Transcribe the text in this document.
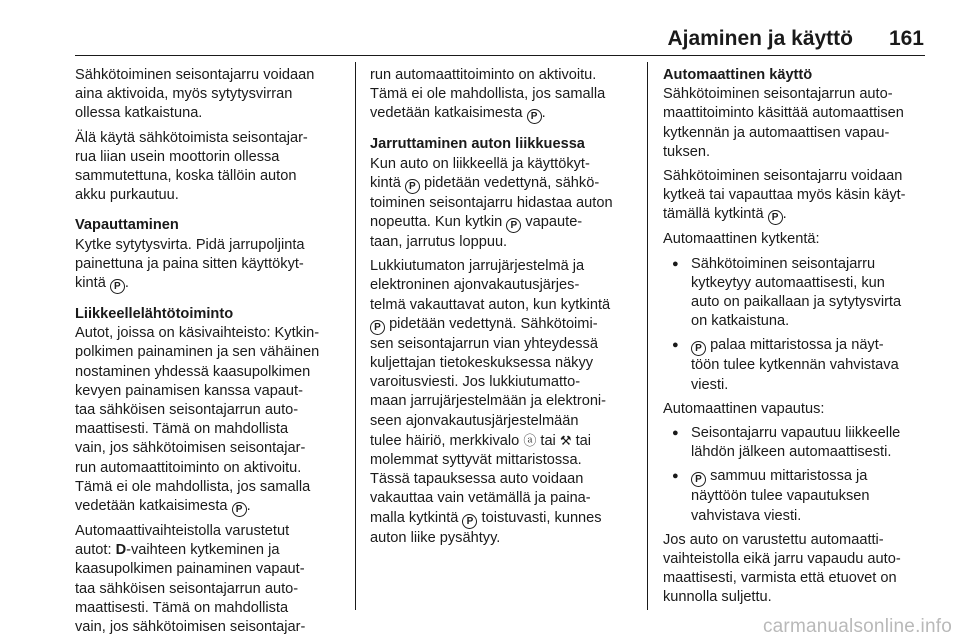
Ajaminen ja käyttö 161

Sähkötoiminen seisontajarru voidaan
aina aktivoida, myös sytytysvirran
ollessa katkaistuna.

Älä käytä sähkötoimista seisontajar-
rua liian usein moottorin ollessa
sammutettuna, koska tällöin auton
akku purkautuu.

Vapauttaminen

Kytke sytytysvirta. Pidä jarrupoljinta
painettuna ja paina sitten käyttökyt-
kintä P .

Liikkeellelähtötoiminto

Autot, joissa on käsivaihteisto: Kytkin-
polkimen painaminen ja sen vähäinen
nostaminen yhdessä kaasupolkimen
kevyen painamisen kanssa vapaut-
taa sähköisen seisontajarrun auto-
maattisesti. Tämä on mahdollista
vain, jos sähkötoimisen seisontajar-
run automaattitoiminto on aktivoitu.
Tämä ei ole mahdollista, jos samalla
vedetään katkaisimesta P .

Automaattivaihteistolla varustetut
autot: D-vaihteen kytkeminen ja
kaasupolkimen painaminen vapaut-
taa sähköisen seisontajarrun auto-
maattisesti. Tämä on mahdollista
vain, jos sähkötoimisen seisontajar-

run automaattitoiminto on aktivoitu.
Tämä ei ole mahdollista, jos samalla
vedetään katkaisimesta P .

Jarruttaminen auton liikkuessa

Kun auto on liikkeellä ja käyttökyt-
kintä P pidetään vedettynä, sähkö-
toiminen seisontajarru hidastaa auton
nopeutta. Kun kytkin P vapaute-
taan, jarrutus loppuu.

Lukkiutumaton jarrujärjestelmä ja
elektroninen ajonvakautusjärjes-
telmä vakauttavat auton, kun kytkintä
P pidetään vedettynä. Sähkötoimi-
sen seisontajarrun vian yhteydessä
kuljettajan tietokeskuksessa näkyy
varoitusviesti. Jos lukkiutumatto-
maan jarrujärjestelmään ja elektroni-
seen ajonvakautusjärjestelmään
tulee häiriö, merkkivalo ⓐ tai ⚒ tai
molemmat syttyvät mittaristossa.
Tässä tapauksessa auto voidaan
vakauttaa vain vetämällä ja paina-
malla kytkintä P toistuvasti, kunnes
auton liike pysähtyy.

Automaattinen käyttö

Sähkötoiminen seisontajarrun auto-
maattitoiminto käsittää automaattisen
kytkennän ja automaattisen vapau-
tuksen.

Sähkötoiminen seisontajarru voidaan
kytkeä tai vapauttaa myös käsin käyt-
tämällä kytkintä P .

Automaattinen kytkentä:

● Sähkötoiminen seisontajarru
kytkeytyy automaattisesti, kun
auto on paikallaan ja sytytysvirta
on katkaistuna.
● P palaa mittaristossa ja näyt-
töön tulee kytkennän vahvistava
viesti.

Automaattinen vapautus:

● Seisontajarru vapautuu liikkeelle
lähdön jälkeen automaattisesti.
● P sammuu mittaristossa ja
näyttöön tulee vapautuksen
vahvistava viesti.

Jos auto on varustettu automaatti-
vaihteistolla eikä jarru vapaudu auto-
maattisesti, varmista että etuovet on
kunnolla suljettu.

carmanualsonline.info
